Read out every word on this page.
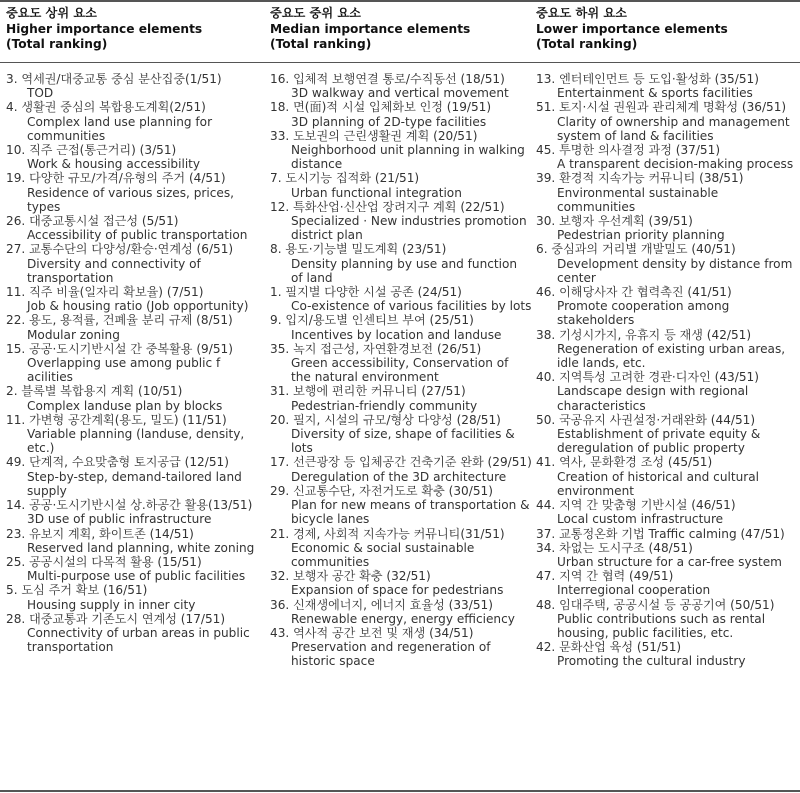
중요도 상위 요소
Higher importance elements
(Total ranking)
3. 역세권/대중교통 중심 분산집중(1/51)
TOD
4. 생활권 중심의 복합용도계획(2/51)
Complex land use planning for communities
10. 직주 근접(통근거리) (3/51)
Work & housing accessibility
19. 다양한 규모/가격/유형의 주거 (4/51)
Residence of various sizes, prices, types
26. 대중교통시설 접근성 (5/51)
Accessibility of public transportation
27. 교통수단의 다양성/환승·연계성 (6/51)
Diversity and connectivity of transportation
11. 직주 비율(일자리 확보율) (7/51)
Job & housing ratio (Job opportunity)
22. 용도, 용적률, 건폐율 분리 규제 (8/51)
Modular zoning
15. 공공·도시기반시설 간 중복활용 (9/51)
Overlapping use among public f acilities
2. 블록별 복합용지 계획 (10/51)
Complex landuse plan by blocks
11. 가변형 공간계획(용도, 밀도) (11/51)
Variable planning (landuse, density, etc.)
49. 단계적, 수요맞춤형 토지공급 (12/51)
Step-by-step, demand-tailored land supply
14. 공공·도시기반시설 상.하공간 활용(13/51)
3D use of public infrastructure
23. 유보지 계획, 화이트존 (14/51)
Reserved land planning, white zoning
25. 공공시설의 다목적 활용 (15/51)
Multi-purpose use of public facilities
5. 도심 주거 확보 (16/51)
Housing supply in inner city
28. 대중교통과 기존도시 연계성 (17/51)
Connectivity of urban areas in public transportation
중요도 중위 요소
Median importance elements
(Total ranking)
16. 입체적 보행연결 통로/수직동선 (18/51)
3D walkway and vertical movement
18. 면(面)적 시설 입체화보 인정 (19/51)
3D planning of 2D-type facilities
33. 도보권의 근린생활권 계획 (20/51)
Neighborhood unit planning in walking distance
7. 도시기능 집적화 (21/51)
Urban functional integration
12. 특화산업·신산업 장려지구 계획 (22/51)
Specialized · New industries promotion district plan
8. 용도·기능별 밀도계획 (23/51)
Density planning by use and function of land
1. 필지별 다양한 시설 공존 (24/51)
Co-existence of various facilities by lots
9. 입지/용도별 인센티브 부여 (25/51)
Incentives by location and landuse
35. 녹지 접근성, 자연환경보전 (26/51)
Green accessibility, Conservation of the natural environment
31. 보행에 편리한 커뮤니티 (27/51)
Pedestrian-friendly community
20. 필지, 시설의 규모/형상 다양성 (28/51)
Diversity of size, shape of facilities & lots
17. 선큰광장 등 입체공간 건축기준 완화 (29/51)
Deregulation of the 3D architecture
29. 신교통수단, 자전거도로 확충 (30/51)
Plan for new means of transportation & bicycle lanes
21. 경제, 사회적 지속가능 커뮤니티(31/51)
Economic & social sustainable communities
32. 보행자 공간 확충 (32/51)
Expansion of space for pedestrians
36. 신재생에너지, 에너지 효율성 (33/51)
Renewable energy, energy efficiency
43. 역사적 공간 보전 및 재생 (34/51)
Preservation and regeneration of historic space
중요도 하위 요소
Lower importance elements
(Total ranking)
13. 엔터테인먼트 등 도입·활성화 (35/51)
Entertainment & sports facilities
51. 토지·시설 권원과 관리체계 명확성 (36/51)
Clarity of ownership and management system of land & facilities
45. 투명한 의사결정 과정 (37/51)
A transparent decision-making process
39. 환경적 지속가능 커뮤니티 (38/51)
Environmental sustainable communities
30. 보행자 우선계획 (39/51)
Pedestrian priority planning
6. 중심과의 거리별 개발밀도 (40/51)
Development density by distance from center
46. 이해당사자 간 협력촉진 (41/51)
Promote cooperation among stakeholders
38. 기성시가지, 유휴지 등 재생 (42/51)
Regeneration of existing urban areas, idle lands, etc.
40. 지역특성 고려한 경관·디자인 (43/51)
Landscape design with regional characteristics
50. 국공유지 사권설정·거래완화 (44/51)
Establishment of private equity & deregulation of public property
41. 역사, 문화환경 조성 (45/51)
Creation of historical and cultural environment
44. 지역 간 맞춤형 기반시설 (46/51)
Local custom infrastructure
37. 교통정온화 기법 Traffic calming (47/51)
34. 차없는 도시구조 (48/51)
Urban structure for a car-free system
47. 지역 간 협력 (49/51)
Interregional cooperation
48. 임대주택, 공공시설 등 공공기여 (50/51)
Public contributions such as rental housing, public facilities, etc.
42. 문화산업 육성 (51/51)
Promoting the cultural industry
